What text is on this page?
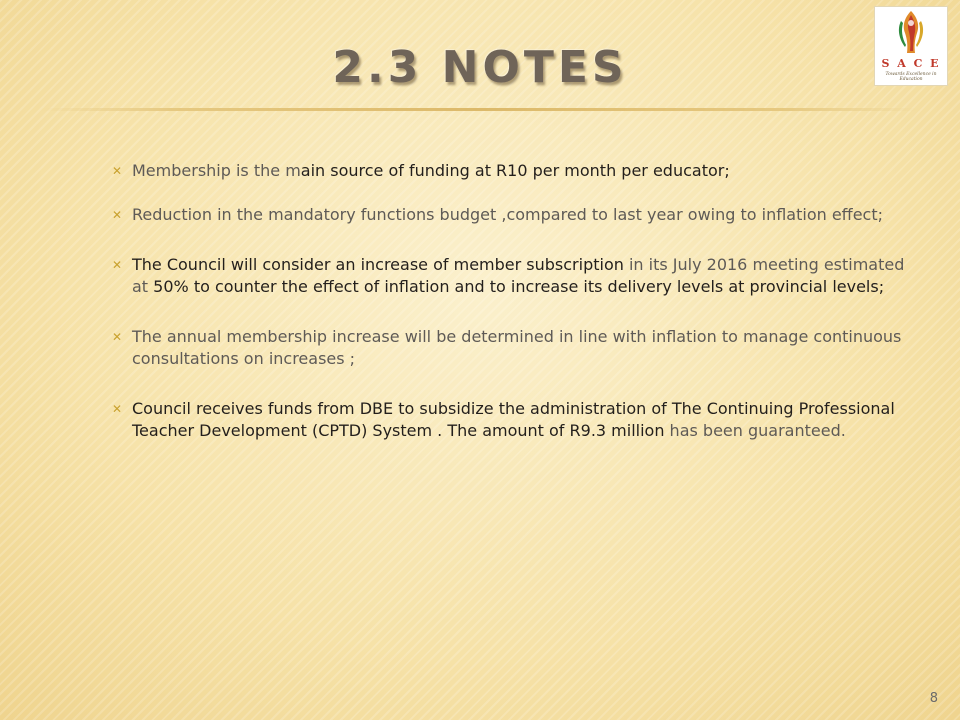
2.3 NOTES	S A C E
Towards Excellence in Education
✕ Membership is the main source of funding at R10 per month per educator;
✕ Reduction in the mandatory functions budget ,compared to last year owing to inflation effect;
✕ The Council will consider an increase of member subscription in its July 2016 meeting estimated at 50% to counter the effect of inflation and to increase its delivery levels at provincial levels;
✕ The annual membership increase will be determined in line with inflation to manage continuous consultations on increases ;
✕ Council receives funds from DBE to subsidize the administration of The Continuing Professional Teacher Development (CPTD) System . The amount of R9.3 million has been guaranteed.
8
